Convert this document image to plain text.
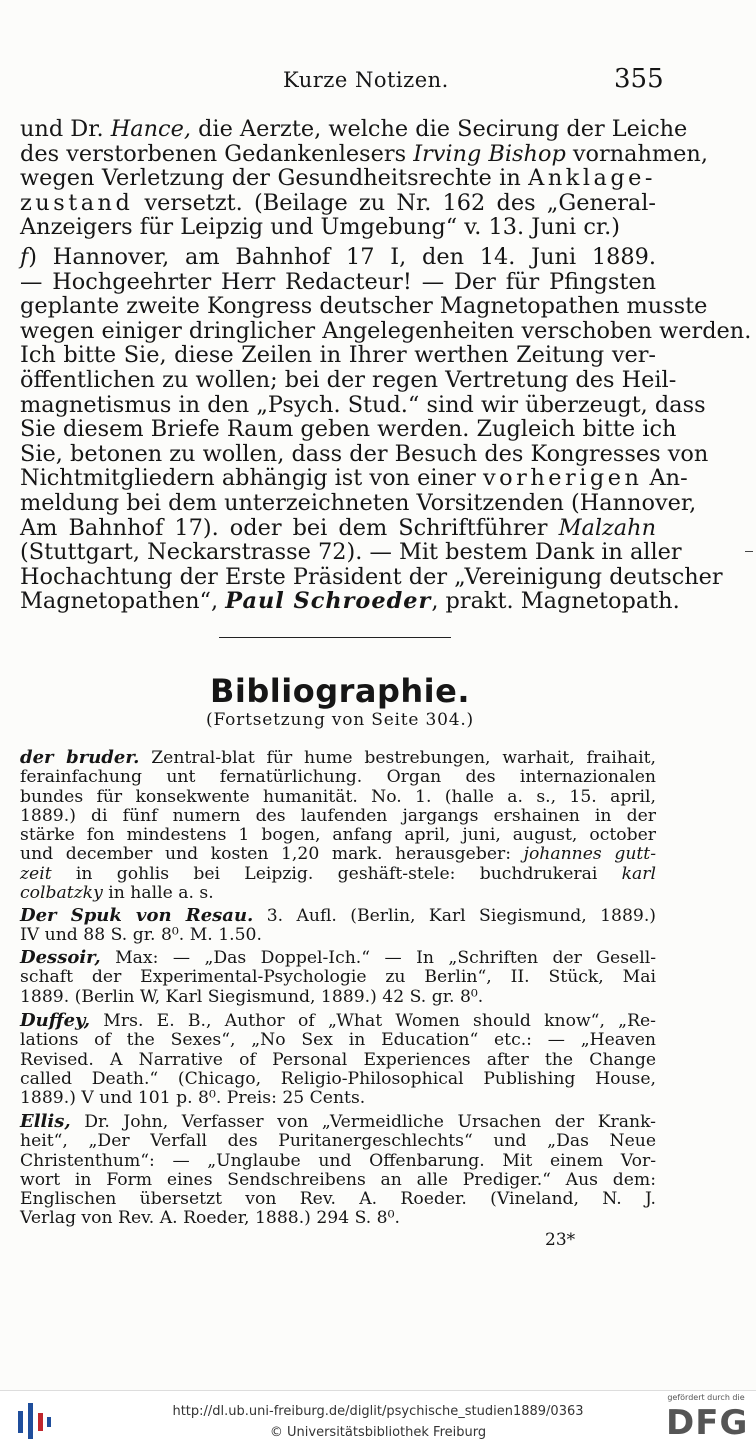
Kurze Notizen.	355
und Dr. Hance, die Aerzte, welche die Secirung der Leiche
des verstorbenen Gedankenlesers Irving Bishop vornahmen,
wegen Verletzung der Gesundheitsrechte in Anklage-
zustand versetzt. (Beilage zu Nr. 162 des „General-
Anzeigers für Leipzig und Umgebung“ v. 13. Juni cr.)
f) Hannover, am Bahnhof 17 I, den 14. Juni 1889.
— Hochgeehrter Herr Redacteur! — Der für Pfingsten
geplante zweite Kongress deutscher Magnetopathen musste
wegen einiger dringlicher Angelegenheiten verschoben werden.
Ich bitte Sie, diese Zeilen in Ihrer werthen Zeitung ver-
öffentlichen zu wollen; bei der regen Vertretung des Heil-
magnetismus in den „Psych. Stud.“ sind wir überzeugt, dass
Sie diesem Briefe Raum geben werden. Zugleich bitte ich
Sie, betonen zu wollen, dass der Besuch des Kongresses von
Nichtmitgliedern abhängig ist von einer vorherigen An-
meldung bei dem unterzeichneten Vorsitzenden (Hannover,
Am Bahnhof 17). oder bei dem Schriftführer Malzahn
(Stuttgart, Neckarstrasse 72). — Mit bestem Dank in aller
Hochachtung der Erste Präsident der „Vereinigung deutscher
Magnetopathen“, Paul Schroeder, prakt. Magnetopath.
Bibliographie.
(Fortsetzung von Seite 304.)
der bruder. Zentral-blat für hume bestrebungen, warhait, fraihait,
ferainfachung unt fernatürlichung. Organ des internazionalen
bundes für konsekwente humanität. No. 1. (halle a. s., 15. april,
1889.) di fünf numern des laufenden jargangs ershainen in der
stärke fon mindestens 1 bogen, anfang april, juni, august, october
und december und kosten 1,20 mark. herausgeber: johannes gutt-
zeit in gohlis bei Leipzig. geshäft-stele: buchdrukerai karl
colbatzky in halle a. s.
Der Spuk von Resau. 3. Aufl. (Berlin, Karl Siegismund, 1889.)
IV und 88 S. gr. 8⁰. M. 1.50.
Dessoir, Max: — „Das Doppel-Ich.“ — In „Schriften der Gesell-
schaft der Experimental-Psychologie zu Berlin“, II. Stück, Mai
1889. (Berlin W, Karl Siegismund, 1889.) 42 S. gr. 8⁰.
Duffey, Mrs. E. B., Author of „What Women should know“, „Re-
lations of the Sexes“, „No Sex in Education“ etc.: — „Heaven
Revised. A Narrative of Personal Experiences after the Change
called Death.“ (Chicago, Religio-Philosophical Publishing House,
1889.) V und 101 p. 8⁰. Preis: 25 Cents.
Ellis, Dr. John, Verfasser von „Vermeidliche Ursachen der Krank-
heit“, „Der Verfall des Puritanergeschlechts“ und „Das Neue
Christenthum“: — „Unglaube und Offenbarung. Mit einem Vor-
wort in Form eines Sendschreibens an alle Prediger.“ Aus dem:
Englischen übersetzt von Rev. A. Roeder. (Vineland, N. J.
Verlag von Rev. A. Roeder, 1888.) 294 S. 8⁰.
23*
http://dl.ub.uni-freiburg.de/diglit/psychische_studien1889/0363
© Universitätsbibliothek Freiburg
gefördert durch die
DFG
